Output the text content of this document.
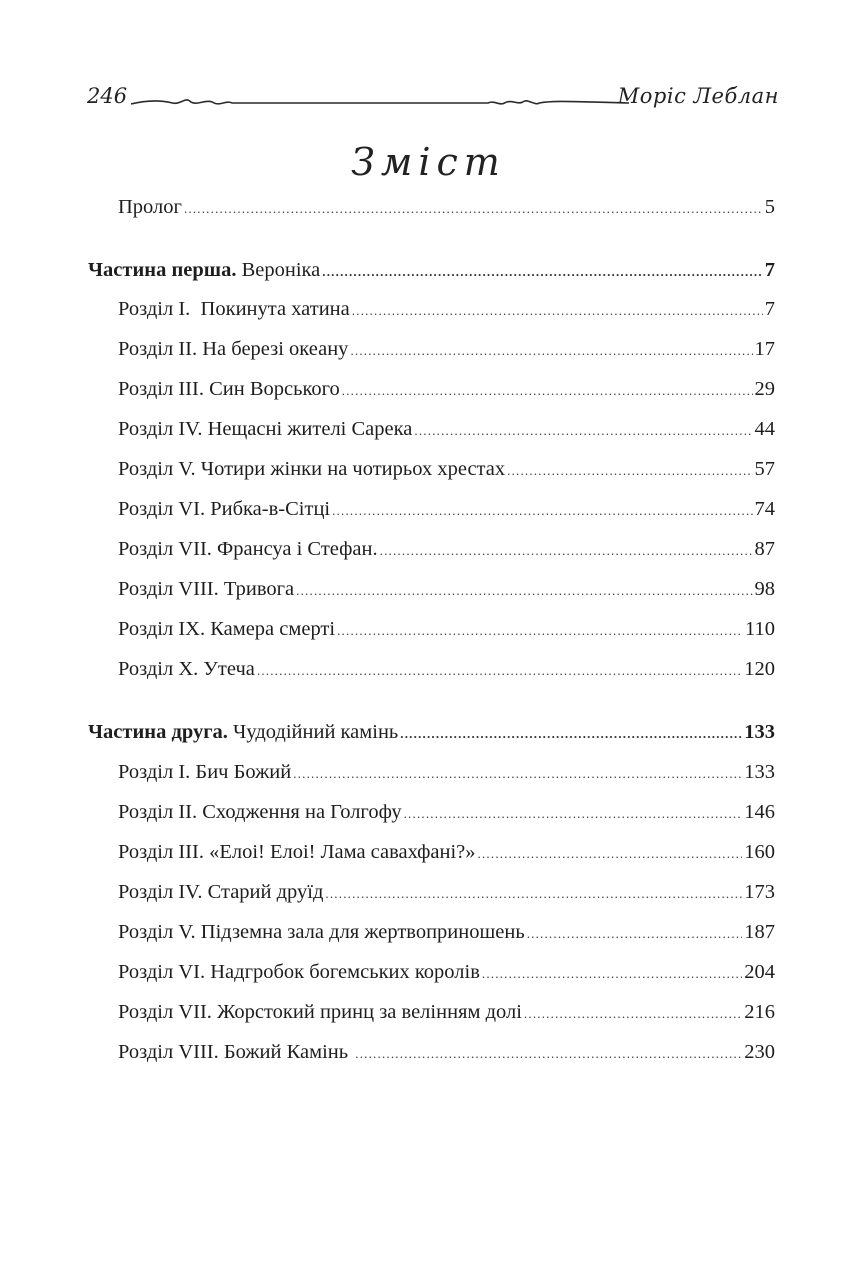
246	Моріс Леблан
Зміст
Пролог .....	5
Частина перша. Вероніка .....	7
Розділ І.  Покинута хатина .....	7
Розділ ІІ. На березі океану .....	17
Розділ ІІІ. Син Ворського .....	29
Розділ IV. Нещасні жителі Сарека .....	44
Розділ V. Чотири жінки на чотирьох хрестах .....	57
Розділ VI. Рибка-в-Сітці .....	74
Розділ VII. Франсуа і Стефан. .....	87
Розділ VIII. Тривога .....	98
Розділ IX. Камера смерті .....	110
Розділ X. Утеча .....	120
Частина друга. Чудодійний камінь .....	133
Розділ І. Бич Божий .....	133
Розділ ІІ. Сходження на Голгофу .....	146
Розділ ІІІ. «Елоі! Елоі! Лама савахфані?» .....	160
Розділ IV. Старий друїд .....	173
Розділ V. Підземна зала для жертвоприношень .....	187
Розділ VI. Надгробок богемських королів .....	204
Розділ VII. Жорстокий принц за велінням долі .....	216
Розділ VIII. Божий Камінь .....	230
